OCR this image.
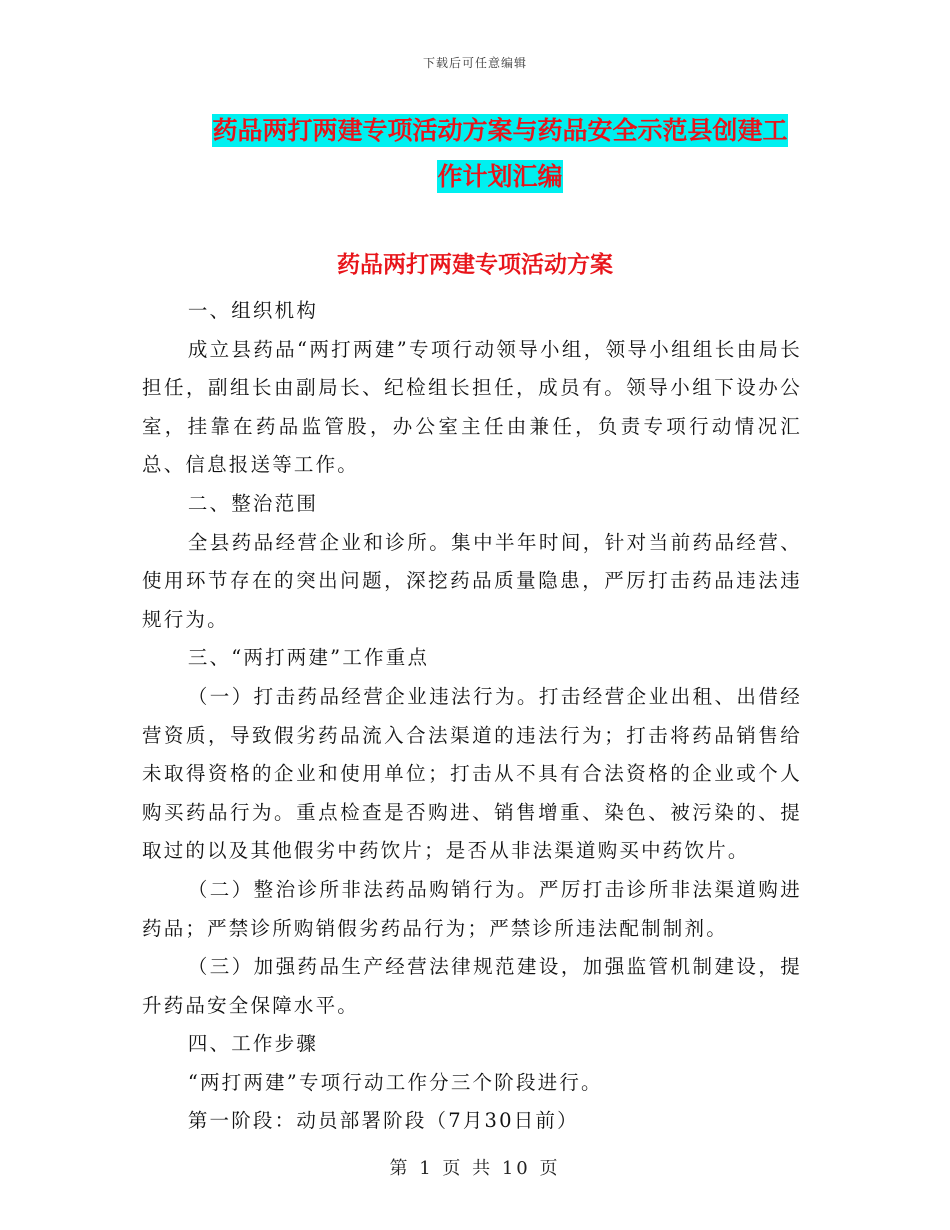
下载后可任意编辑
药品两打两建专项活动方案与药品安全示范县创建工
作计划汇编
药品两打两建专项活动方案

一、组织机构

成立县药品“两打两建”专项行动领导小组，领导小组组长由局长担任，副组长由副局长、纪检组长担任，成员有。领导小组下设办公室，挂靠在药品监管股，办公室主任由兼任，负责专项行动情况汇总、信息报送等工作。

二、整治范围

全县药品经营企业和诊所。集中半年时间，针对当前药品经营、使用环节存在的突出问题，深挖药品质量隐患，严厉打击药品违法违规行为。

三、“两打两建”工作重点

（一）打击药品经营企业违法行为。打击经营企业出租、出借经营资质，导致假劣药品流入合法渠道的违法行为；打击将药品销售给未取得资格的企业和使用单位；打击从不具有合法资格的企业或个人购买药品行为。重点检查是否购进、销售增重、染色、被污染的、提取过的以及其他假劣中药饮片；是否从非法渠道购买中药饮片。

（二）整治诊所非法药品购销行为。严厉打击诊所非法渠道购进药品；严禁诊所购销假劣药品行为；严禁诊所违法配制制剂。

（三）加强药品生产经营法律规范建设，加强监管机制建设，提升药品安全保障水平。

四、工作步骤

“两打两建”专项行动工作分三个阶段进行。

第一阶段：动员部署阶段（7月30日前）

第 1 页 共 10 页
